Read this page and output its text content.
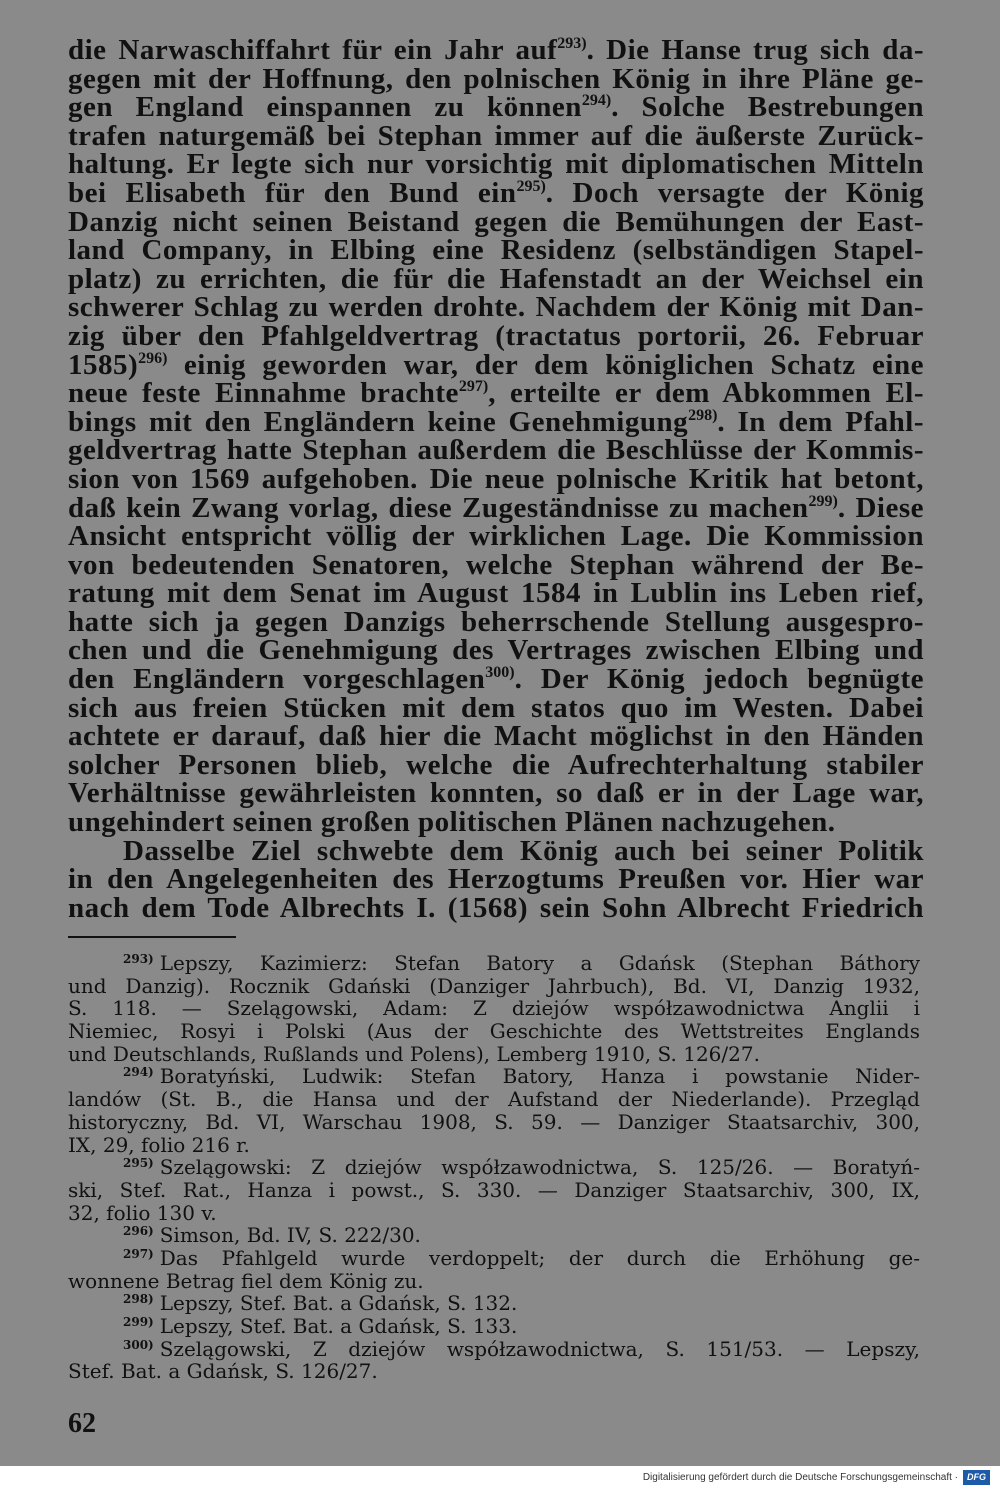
die Narwaschiffahrt für ein Jahr auf$^{293)}$. Die Hanse trug sich da-
gegen mit der Hoffnung, den polnischen König in ihre Pläne ge-
gen England einspannen zu können$^{294)}$. Solche Bestrebungen
trafen naturgemäß bei Stephan immer auf die äußerste Zurück-
haltung. Er legte sich nur vorsichtig mit diplomatischen Mitteln
bei Elisabeth für den Bund ein$^{295)}$. Doch versagte der König
Danzig nicht seinen Beistand gegen die Bemühungen der East-
land Company, in Elbing eine Residenz (selbständigen Stapel-
platz) zu errichten, die für die Hafenstadt an der Weichsel ein
schwerer Schlag zu werden drohte. Nachdem der König mit Dan-
zig über den Pfahlgeldvertrag (tractatus portorii, 26. Februar
1585)$^{296)}$ einig geworden war, der dem königlichen Schatz eine
neue feste Einnahme brachte$^{297)}$, erteilte er dem Abkommen El-
bings mit den Engländern keine Genehmigung$^{298)}$. In dem Pfahl-
geldvertrag hatte Stephan außerdem die Beschlüsse der Kommis-
sion von 1569 aufgehoben. Die neue polnische Kritik hat betont,
daß kein Zwang vorlag, diese Zugeständnisse zu machen$^{299)}$. Diese
Ansicht entspricht völlig der wirklichen Lage. Die Kommission
von bedeutenden Senatoren, welche Stephan während der Be-
ratung mit dem Senat im August 1584 in Lublin ins Leben rief,
hatte sich ja gegen Danzigs beherrschende Stellung ausgespro-
chen und die Genehmigung des Vertrages zwischen Elbing und
den Engländern vorgeschlagen$^{300)}$. Der König jedoch begnügte
sich aus freien Stücken mit dem statos quo im Westen. Dabei
achtete er darauf, daß hier die Macht möglichst in den Händen
solcher Personen blieb, welche die Aufrechterhaltung stabiler
Verhältnisse gewährleisten konnten, so daß er in der Lage war,
ungehindert seinen großen politischen Plänen nachzugehen.
Dasselbe Ziel schwebte dem König auch bei seiner Politik
in den Angelegenheiten des Herzogtums Preußen vor. Hier war
nach dem Tode Albrechts I. (1568) sein Sohn Albrecht Friedrich
$^{293)}$ Lepszy, Kazimierz: Stefan Batory a Gdańsk (Stephan Báthory
und Danzig). Rocznik Gdański (Danziger Jahrbuch), Bd. VI, Danzig 1932,
S. 118. — Szelągowski, Adam: Z dziejów współzawodnictwa Anglii i
Niemiec, Rosyi i Polski (Aus der Geschichte des Wettstreites Englands
und Deutschlands, Rußlands und Polens), Lemberg 1910, S. 126/27.
$^{294)}$ Boratyński, Ludwik: Stefan Batory, Hanza i powstanie Nider-
landów (St. B., die Hansa und der Aufstand der Niederlande). Przegląd
historyczny, Bd. VI, Warschau 1908, S. 59. — Danziger Staatsarchiv, 300,
IX, 29, folio 216 r.
$^{295)}$ Szelągowski: Z dziejów współzawodnictwa, S. 125/26. — Boratyń-
ski, Stef. Rat., Hanza i powst., S. 330. — Danziger Staatsarchiv, 300, IX,
32, folio 130 v.
$^{296)}$ Simson, Bd. IV, S. 222/30.
$^{297)}$ Das Pfahlgeld wurde verdoppelt; der durch die Erhöhung ge-
wonnene Betrag fiel dem König zu.
$^{298)}$ Lepszy, Stef. Bat. a Gdańsk, S. 132.
$^{299)}$ Lepszy, Stef. Bat. a Gdańsk, S. 133.
$^{300)}$ Szelągowski, Z dziejów współzawodnictwa, S. 151/53. — Lepszy,
Stef. Bat. a Gdańsk, S. 126/27.
62
Digitalisierung gefördert durch die Deutsche Forschungsgemeinschaft ·	DFG
